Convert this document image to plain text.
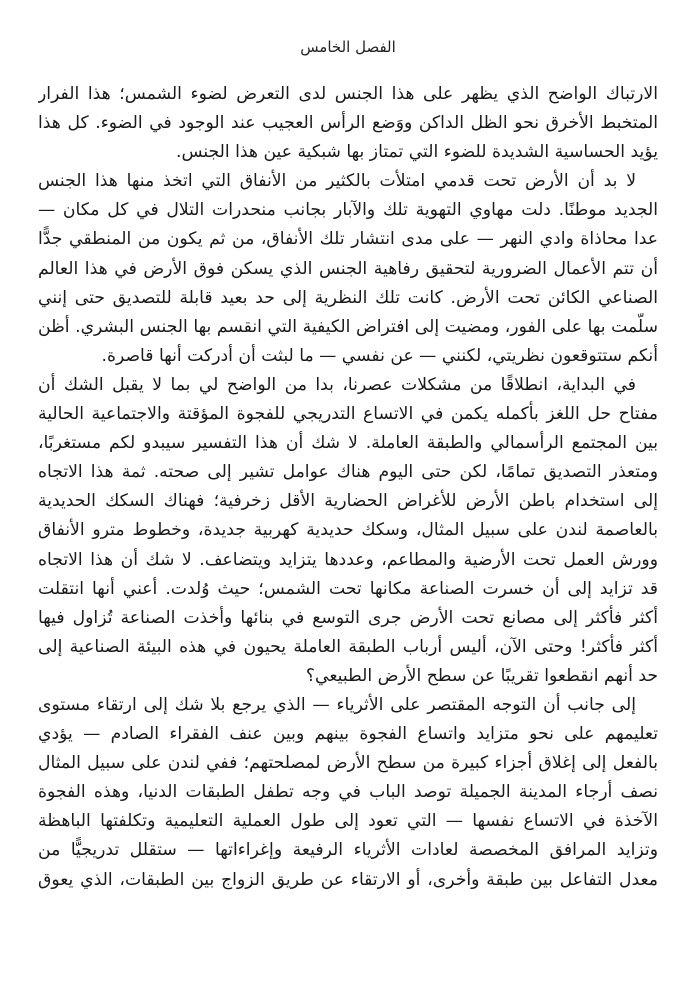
الفصل الخامس
الارتباك الواضح الذي يظهر على هذا الجنس لدى التعرض لضوء الشمس؛ هذا الفرار
المتخبط الأخرق نحو الظل الداكن ووَضع الرأس العجيب عند الوجود في الضوء. كل هذا
يؤيد الحساسية الشديدة للضوء التي تمتاز بها شبكية عين هذا الجنس.
لا بد أن الأرض تحت قدمي امتلأت بالكثير من الأنفاق التي اتخذ منها هذا الجنس
الجديد موطنًا. دلت مهاوي التهوية تلك والآبار بجانب منحدرات التلال في كل مكان —
عدا محاذاة وادي النهر — على مدى انتشار تلك الأنفاق، من ثم يكون من المنطقي جدًّا
أن تتم الأعمال الضرورية لتحقيق رفاهية الجنس الذي يسكن فوق الأرض في هذا العالم
الصناعي الكائن تحت الأرض. كانت تلك النظرية إلى حد بعيد قابلة للتصديق حتى إنني
سلَّمت بها على الفور، ومضيت إلى افتراض الكيفية التي انقسم بها الجنس البشري. أظن
أنكم ستتوقعون نظريتي، لكنني — عن نفسي — ما لبثت أن أدركت أنها قاصرة.
في البداية، انطلاقًا من مشكلات عصرنا، بدا من الواضح لي بما لا يقبل الشك أن
مفتاح حل اللغز بأكمله يكمن في الاتساع التدريجي للفجوة المؤقتة والاجتماعية الحالية
بين المجتمع الرأسمالي والطبقة العاملة. لا شك أن هذا التفسير سيبدو لكم مستغربًا،
ومتعذر التصديق تمامًا، لكن حتى اليوم هناك عوامل تشير إلى صحته. ثمة هذا الاتجاه
إلى استخدام باطن الأرض للأغراض الحضارية الأقل زخرفية؛ فهناك السكك الحديدية
بالعاصمة لندن على سبيل المثال، وسكك حديدية كهربية جديدة، وخطوط مترو الأنفاق
وورش العمل تحت الأرضية والمطاعم، وعددها يتزايد ويتضاعف. لا شك أن هذا الاتجاه
قد تزايد إلى أن خسرت الصناعة مكانها تحت الشمس؛ حيث وُلدت. أعني أنها انتقلت
أكثر فأكثر إلى مصانع تحت الأرض جرى التوسع في بنائها وأخذت الصناعة تُزاول فيها
أكثر فأكثر! وحتى الآن، أليس أرباب الطبقة العاملة يحيون في هذه البيئة الصناعية إلى
حد أنهم انقطعوا تقريبًا عن سطح الأرض الطبيعي؟
إلى جانب أن التوجه المقتصر على الأثرياء — الذي يرجع بلا شك إلى ارتقاء مستوى
تعليمهم على نحو متزايد واتساع الفجوة بينهم وبين عنف الفقراء الصادم — يؤدي
بالفعل إلى إغلاق أجزاء كبيرة من سطح الأرض لمصلحتهم؛ ففي لندن على سبيل المثال
نصف أرجاء المدينة الجميلة توصد الباب في وجه تطفل الطبقات الدنيا، وهذه الفجوة
الآخذة في الاتساع نفسها — التي تعود إلى طول العملية التعليمية وتكلفتها الباهظة
وتزايد المرافق المخصصة لعادات الأثرياء الرفيعة وإغراءاتها — ستقلل تدريجيًّا من
معدل التفاعل بين طبقة وأخرى، أو الارتقاء عن طريق الزواج بين الطبقات، الذي يعوق
